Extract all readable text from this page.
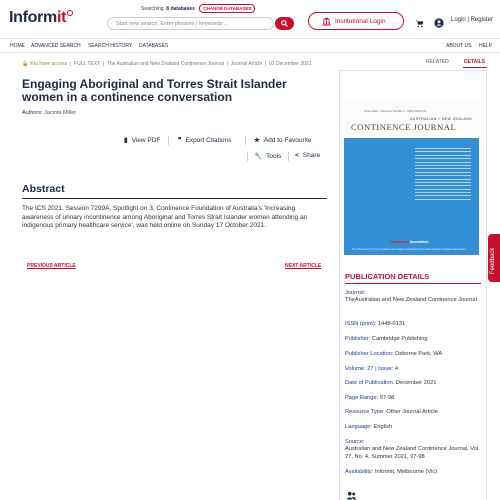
Informit	Searching: 8 databases CHANGE DATABASES
Start new search. Enter phrases | keywords ...	Institutional Login	Login | Register
HOME ADVANCED SEARCH SEARCH HISTORY DATABASES	ABOUT US HELP
🔓 You have access  |  FULL TEXT  |  The Australian and New Zealand Continence Journal  |  Journal Article  |  01 December 2021
Engaging Aboriginal and Torres Strait Islander women in a continence conversation
Authors: Jacinta Miller
▮ View PDF	❞ Export Citations	★ Add to Favourite
🔧 Tools < Share
Abstract
The ICS 2021, Session 7299A, Spotlight on 3, Continence Foundation of Australia's 'Increasing awareness of urinary incontinence among Aboriginal and Torres Strait Islander women attending an indigenous primary healthcare service', was held online on Sunday 17 October 2021.
PREVIOUS ARTICLE	NEXT ARTICLE
RELATED	DETAILS
Spring 2021 · Volume 27 Number 4 · ISSN 1448-0131
AUSTRALIAN + NEW ZEALAND
CONTINENCE JOURNAL
continence foundation
The official journal of The Continence Foundation of Australia and the New Zealand Continence Association
PUBLICATION DETAILS
Journal:
TheAustralian and New Zealand Continence Journal
ISSN (print): 1448-0131
Publisher: Cambridge Publishing
Publisher Location: Osborne Park, WA
Volume: 27 | Issue: 4
Date of Publication: December 2021
Page Range: 97-98
Resource Type: Other Journal Article
Language: English
Source:
Australian and New Zealand Continence Journal, Vol. 27, No. 4, Summer 2021, 97-98
Availability: Informit, Melbourne (Vic)
Feedback
